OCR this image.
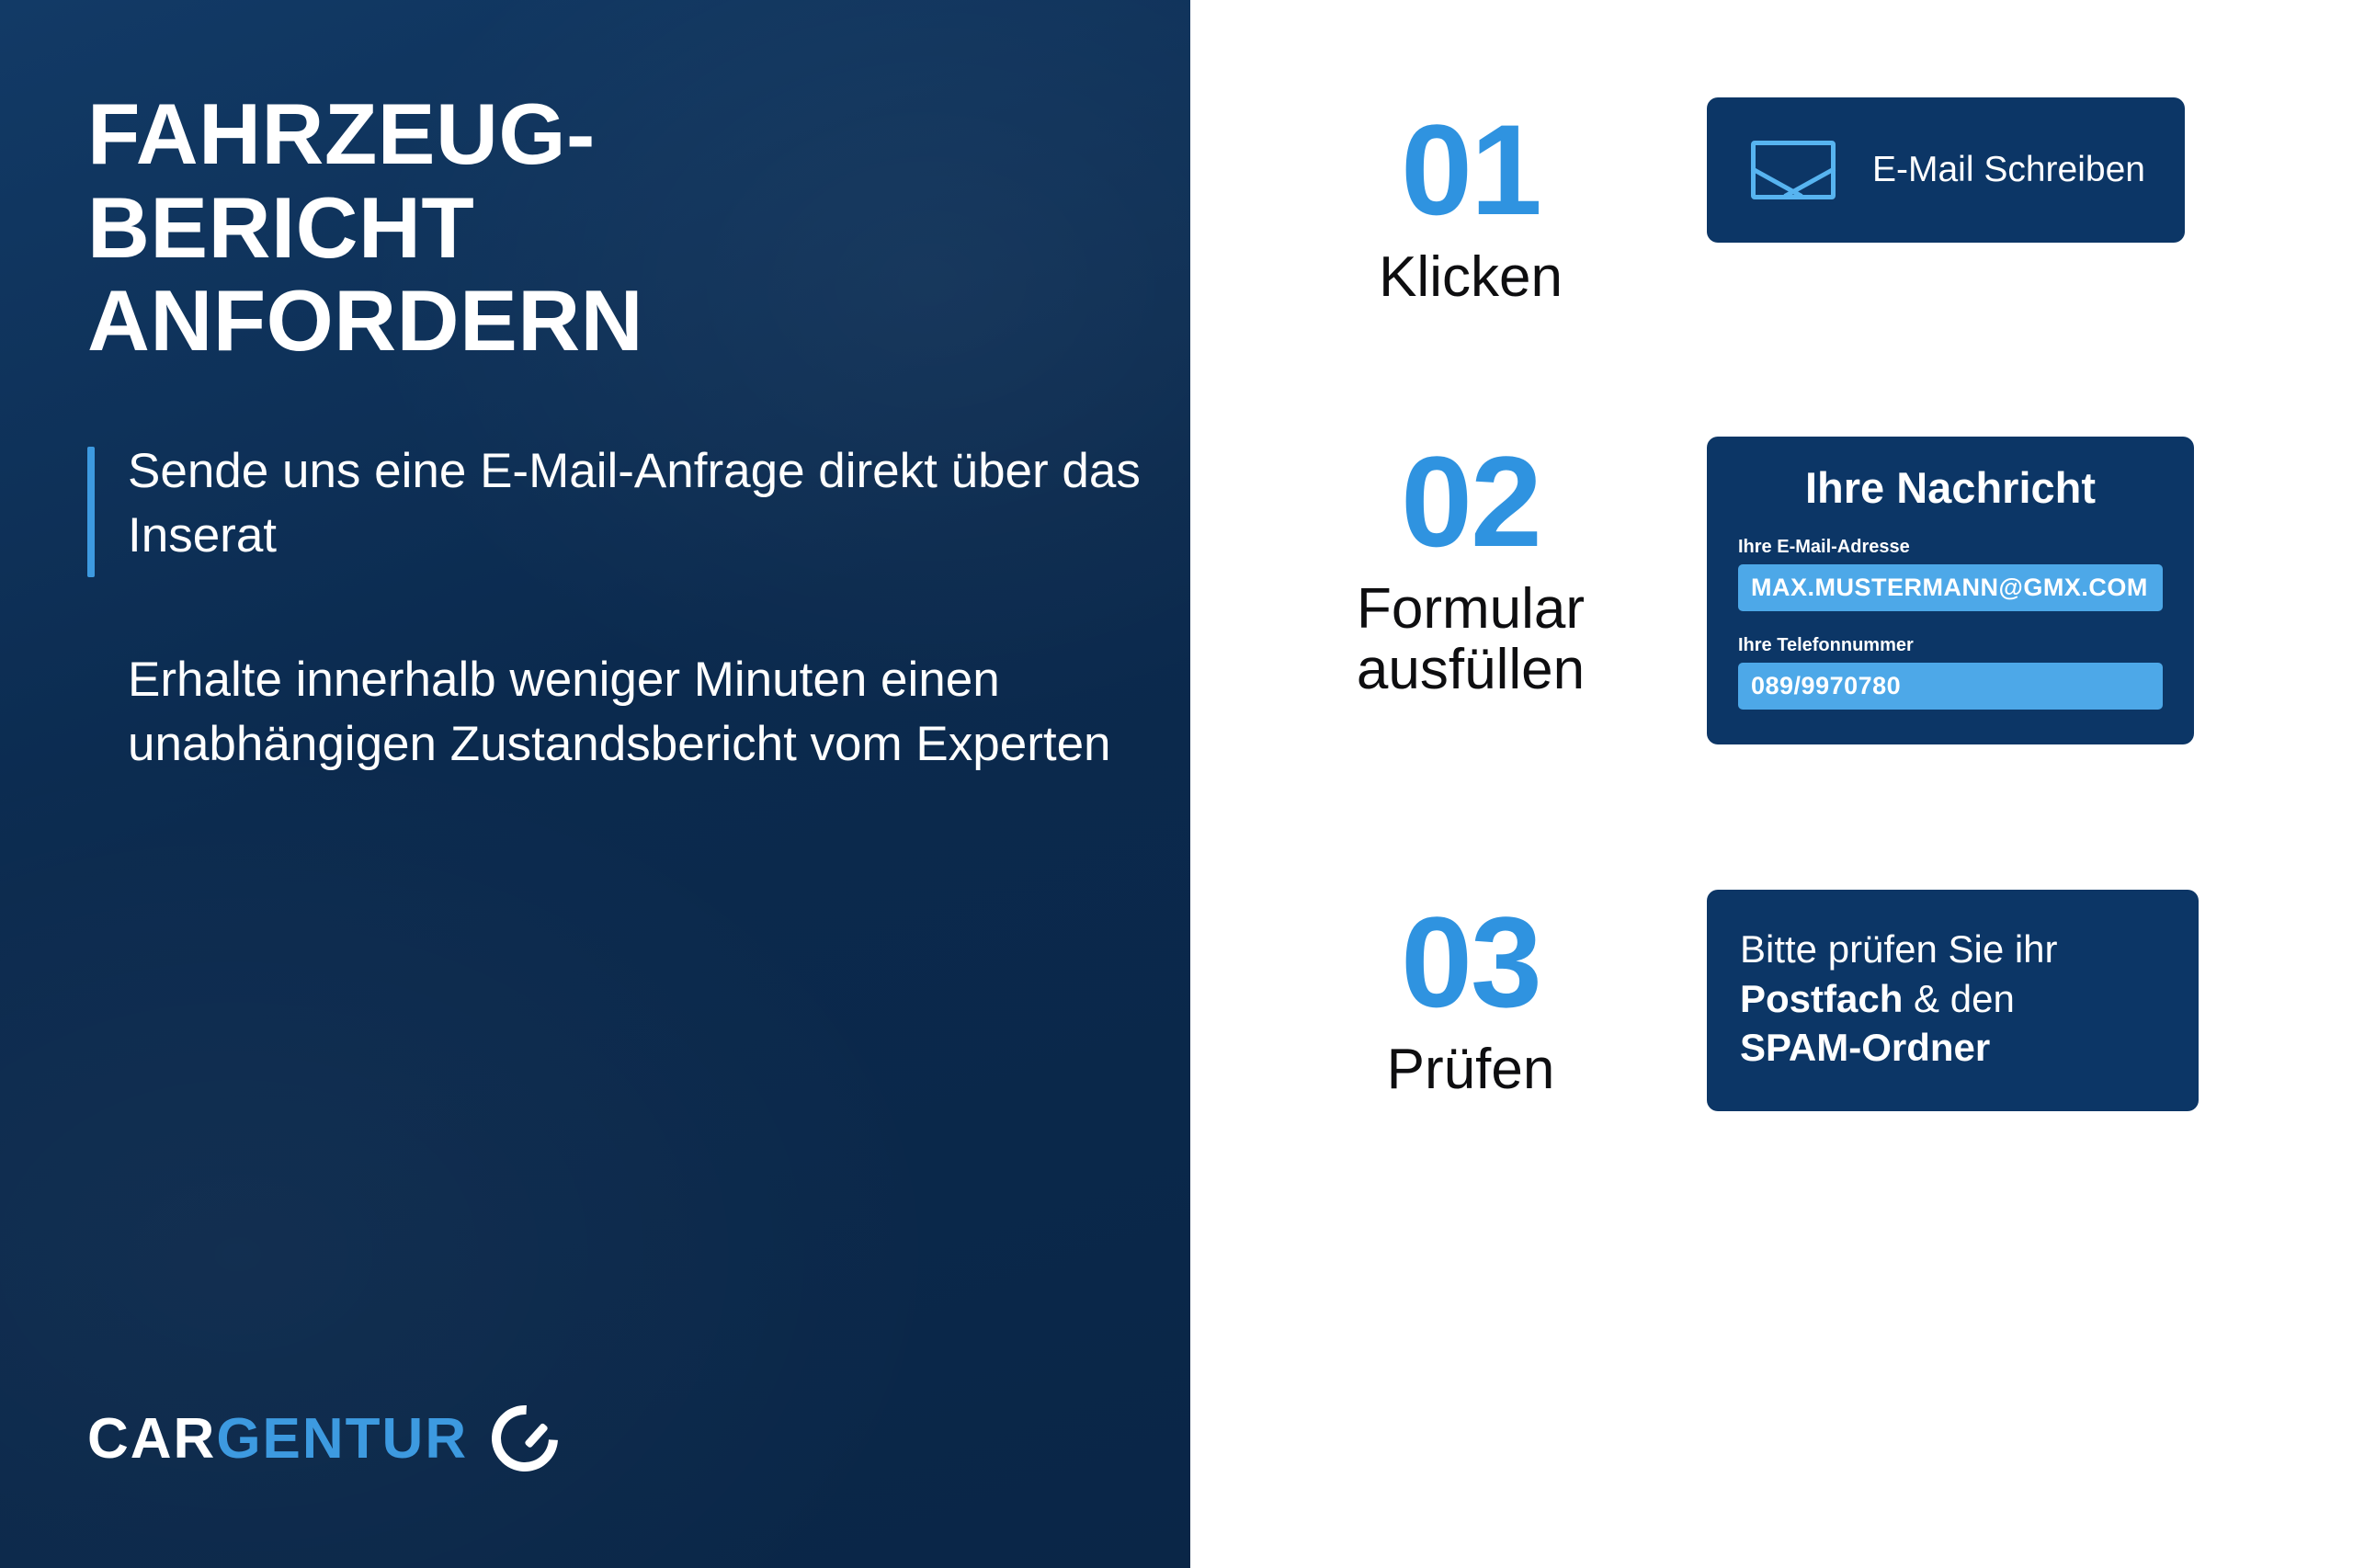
FAHRZEUG-
BERICHT
ANFORDERN

Sende uns eine E-Mail-Anfrage direkt über das Inserat

Erhalte innerhalb weniger Minuten einen unabhängigen Zustandsbericht vom Experten

CARGENTUR
01
Klicken
E-Mail Schreiben
02
Formular
ausfüllen
Ihre Nachricht
Ihre E-Mail-Adresse
MAX.MUSTERMANN@GMX.COM
Ihre Telefonnummer
089/9970780
03
Prüfen
Bitte prüfen Sie ihr
Postfach & den
SPAM-Ordner
